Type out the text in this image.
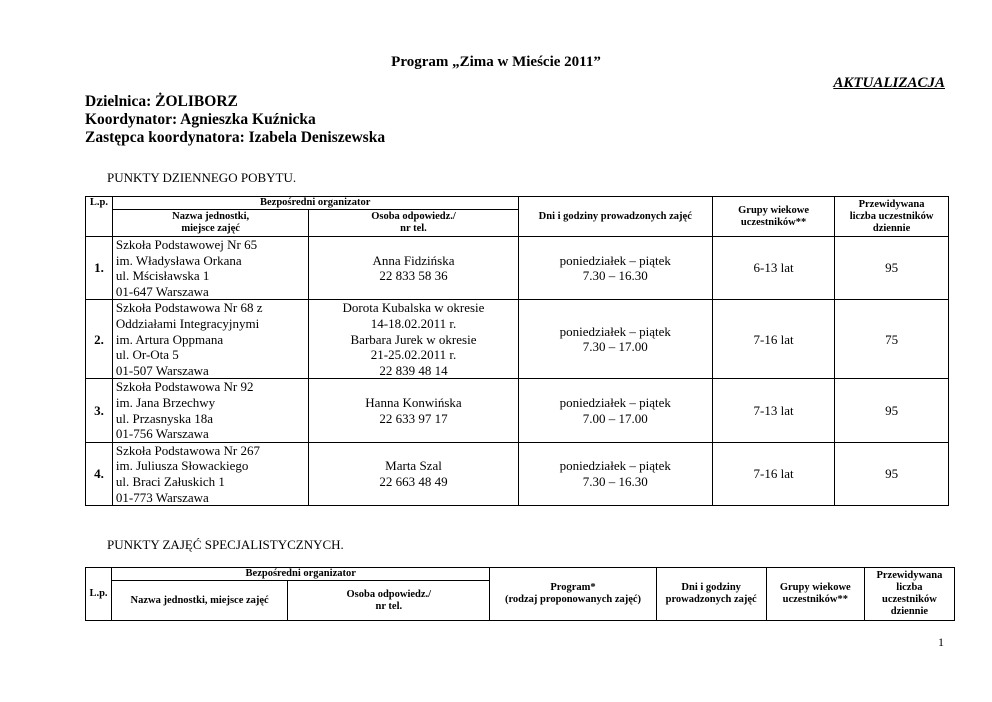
Program „Zima w Mieście 2011”
AKTUALIZACJA
Dzielnica: ŻOLIBORZ
Koordynator: Agnieszka Kuźnicka
Zastępca koordynatora: Izabela Deniszewska
PUNKTY DZIENNEGO POBYTU.
L.p.	Bezpośredni organizator		Dni i godziny prowadzonych zajęć	Grupy wiekowe
uczestników**	Przewidywana
liczba uczestników
dziennie
	Nazwa jednostki,
miejsce zajęć	Osoba odpowiedz./
nr tel.			
1.	Szkoła Podstawowej Nr 65
im. Władysława Orkana
ul. Mścisławska 1
01-647 Warszawa	Anna Fidzińska
22 833 58 36	poniedziałek – piątek
7.30 – 16.30	6-13 lat	95
2.	Szkoła Podstawowa Nr 68 z
Oddziałami Integracyjnymi
im. Artura Oppmana
ul. Or-Ota 5
01-507 Warszawa	Dorota Kubalska w okresie
14-18.02.2011 r.
Barbara Jurek w okresie
21-25.02.2011 r.
22 839 48 14	poniedziałek – piątek
7.30 – 17.00	7-16 lat	75
3.	Szkoła Podstawowa Nr 92
im. Jana Brzechwy
ul. Przasnyska 18a
01-756 Warszawa	Hanna Konwińska
22 633 97 17	poniedziałek – piątek
7.00 – 17.00	7-13 lat	95
4.	Szkoła Podstawowa Nr 267
im. Juliusza Słowackiego
ul. Braci Załuskich 1
01-773 Warszawa	Marta Szal
22 663 48 49	poniedziałek – piątek
7.30 – 16.30	7-16 lat	95
PUNKTY ZAJĘĆ SPECJALISTYCZNYCH.
L.p.	Bezpośredni organizator		Program*
(rodzaj proponowanych zajęć)	Dni i godziny
prowadzonych zajęć	Grupy wiekowe
uczestników**	Przewidywana
liczba
uczestników
dziennie
	Nazwa jednostki, miejsce zajęć	Osoba odpowiedz./
nr tel.				
1
